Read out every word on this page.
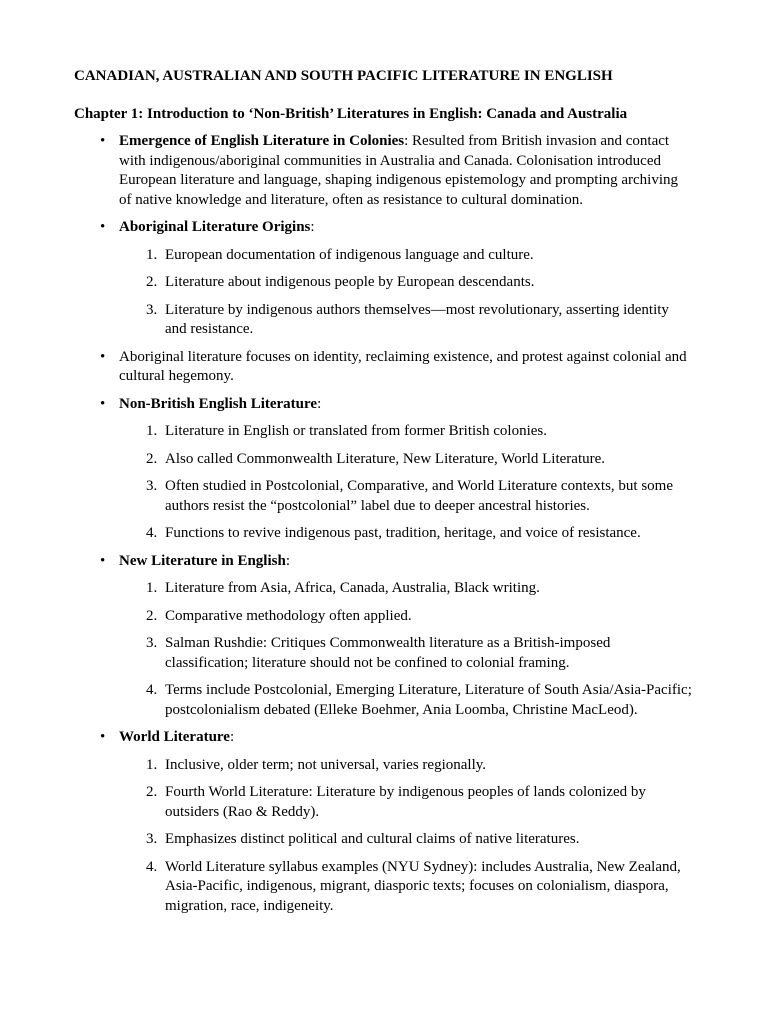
CANADIAN, AUSTRALIAN AND SOUTH PACIFIC LITERATURE IN ENGLISH
Chapter 1: Introduction to ‘Non-British’ Literatures in English: Canada and Australia
• Emergence of English Literature in Colonies: Resulted from British invasion and contact with indigenous/aboriginal communities in Australia and Canada. Colonisation introduced European literature and language, shaping indigenous epistemology and prompting archiving of native knowledge and literature, often as resistance to cultural domination.
• Aboriginal Literature Origins:
1. European documentation of indigenous language and culture.
2. Literature about indigenous people by European descendants.
3. Literature by indigenous authors themselves—most revolutionary, asserting identity and resistance.
• Aboriginal literature focuses on identity, reclaiming existence, and protest against colonial and cultural hegemony.
• Non-British English Literature:
1. Literature in English or translated from former British colonies.
2. Also called Commonwealth Literature, New Literature, World Literature.
3. Often studied in Postcolonial, Comparative, and World Literature contexts, but some authors resist the “postcolonial” label due to deeper ancestral histories.
4. Functions to revive indigenous past, tradition, heritage, and voice of resistance.
• New Literature in English:
1. Literature from Asia, Africa, Canada, Australia, Black writing.
2. Comparative methodology often applied.
3. Salman Rushdie: Critiques Commonwealth literature as a British-imposed classification; literature should not be confined to colonial framing.
4. Terms include Postcolonial, Emerging Literature, Literature of South Asia/Asia-Pacific; postcolonialism debated (Elleke Boehmer, Ania Loomba, Christine MacLeod).
• World Literature:
1. Inclusive, older term; not universal, varies regionally.
2. Fourth World Literature: Literature by indigenous peoples of lands colonized by outsiders (Rao & Reddy).
3. Emphasizes distinct political and cultural claims of native literatures.
4. World Literature syllabus examples (NYU Sydney): includes Australia, New Zealand, Asia-Pacific, indigenous, migrant, diasporic texts; focuses on colonialism, diaspora, migration, race, indigeneity.
